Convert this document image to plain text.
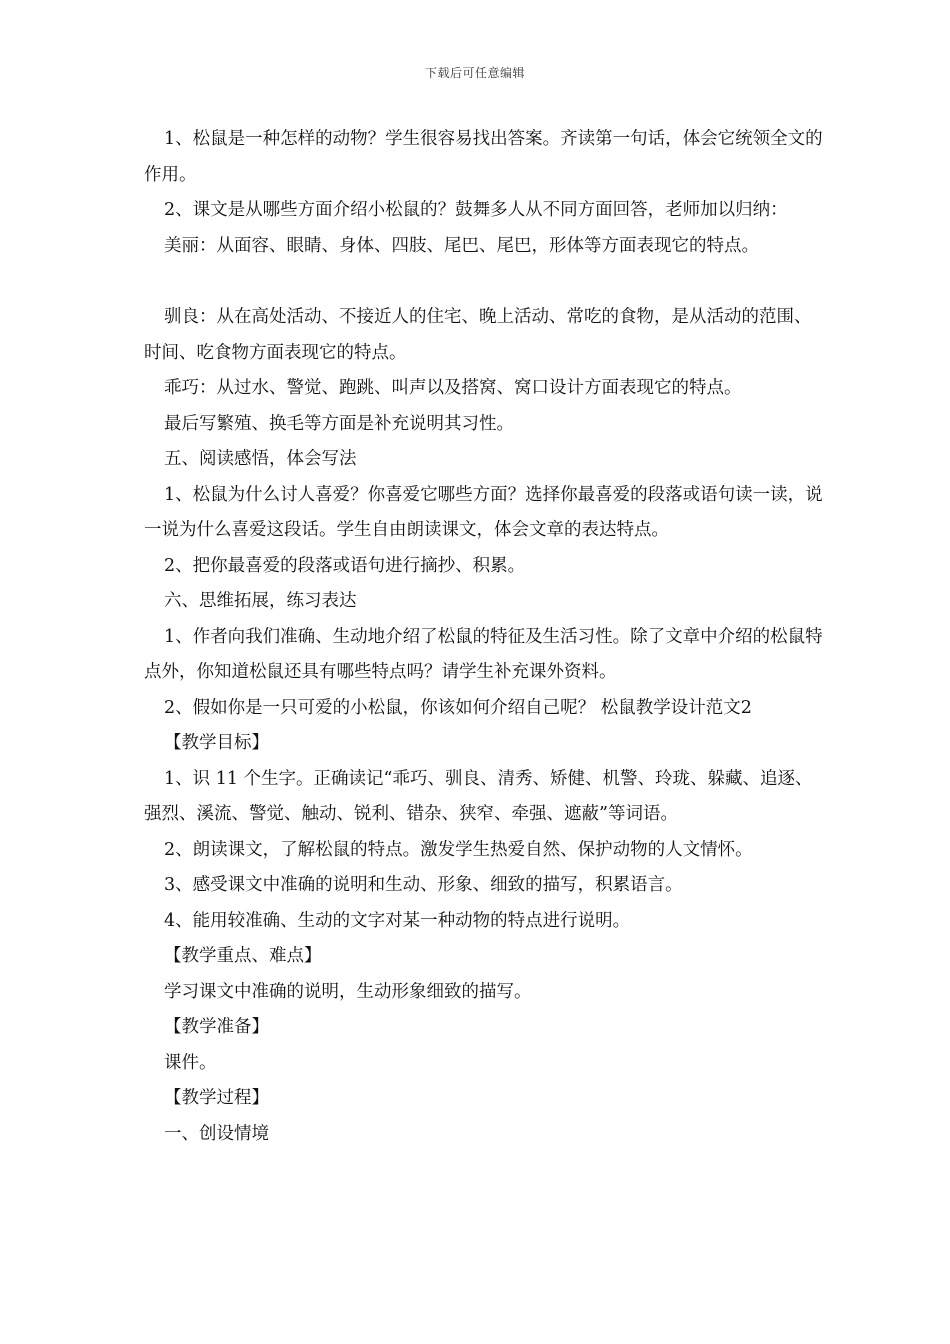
下载后可任意编辑

1、松鼠是一种怎样的动物？学生很容易找出答案。齐读第一句话，体会它统领全文的作用。

2、课文是从哪些方面介绍小松鼠的？鼓舞多人从不同方面回答，老师加以归纳：

美丽：从面容、眼睛、身体、四肢、尾巴、尾巴，形体等方面表现它的特点。

驯良：从在高处活动、不接近人的住宅、晚上活动、常吃的食物，是从活动的范围、时间、吃食物方面表现它的特点。

乖巧：从过水、警觉、跑跳、叫声以及搭窝、窝口设计方面表现它的特点。

最后写繁殖、换毛等方面是补充说明其习性。

五、阅读感悟，体会写法

1、松鼠为什么讨人喜爱？你喜爱它哪些方面？选择你最喜爱的段落或语句读一读，说一说为什么喜爱这段话。学生自由朗读课文，体会文章的表达特点。

2、把你最喜爱的段落或语句进行摘抄、积累。

六、思维拓展，练习表达

1、作者向我们准确、生动地介绍了松鼠的特征及生活习性。除了文章中介绍的松鼠特点外，你知道松鼠还具有哪些特点吗？请学生补充课外资料。

2、假如你是一只可爱的小松鼠，你该如何介绍自己呢？ 松鼠教学设计范文2

【教学目标】

1、识 11 个生字。正确读记“乖巧、驯良、清秀、矫健、机警、玲珑、躲藏、追逐、强烈、溪流、警觉、触动、锐利、错杂、狭窄、牵强、遮蔽”等词语。

2、朗读课文，了解松鼠的特点。激发学生热爱自然、保护动物的人文情怀。

3、感受课文中准确的说明和生动、形象、细致的描写，积累语言。

4、能用较准确、生动的文字对某一种动物的特点进行说明。

【教学重点、难点】

学习课文中准确的说明，生动形象细致的描写。

【教学准备】

课件。

【教学过程】

一、创设情境
